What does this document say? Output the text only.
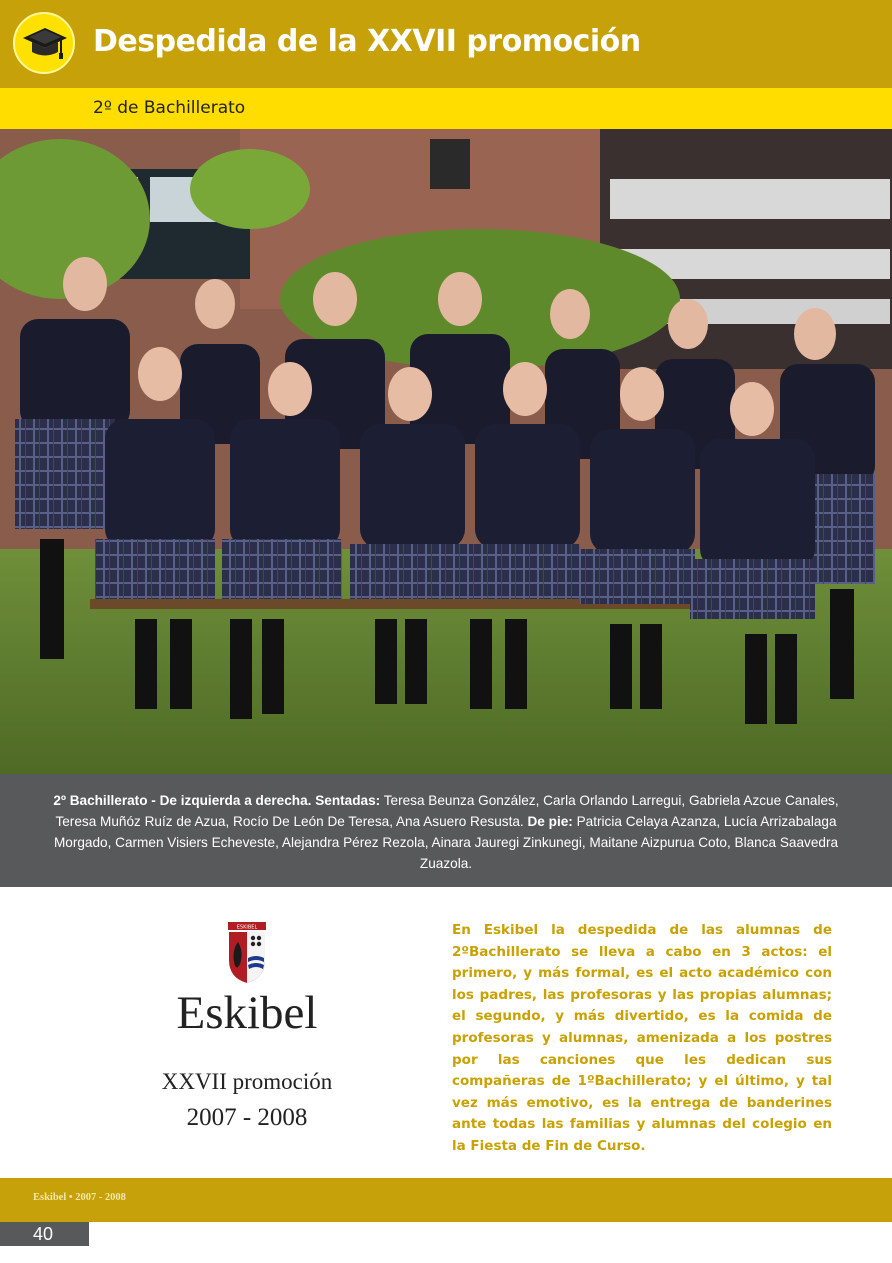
Despedida de la XXVII promoción
2º de Bachillerato
2º Bachillerato - De izquierda a derecha. Sentadas: Teresa Beunza González, Carla Orlando Larregui, Gabriela Azcue Canales, Teresa Muñóz Ruíz de Azua, Rocío De León De Teresa, Ana Asuero Resusta. De pie: Patricia Celaya Azanza, Lucía Arrizabalaga Morgado, Carmen Visiers Echeveste, Alejandra Pérez Rezola, Ainara Jauregi Zinkunegi, Maitane Aizpurua Coto, Blanca Saavedra Zuazola.
ESKIBEL
Eskibel
XXVII promoción
2007 - 2008
En Eskibel la despedida de las alumnas de 2ºBachillerato se lleva a cabo en 3 actos: el primero, y más formal, es el acto académico con los padres, las profesoras y las propias alumnas; el segundo, y más divertido, es la comida de profesoras y alumnas, amenizada a los postres por las canciones que les dedican sus compañeras de 1ºBachillerato; y el último, y tal vez más emotivo, es la entrega de banderines ante todas las familias y alumnas del colegio en la Fiesta de Fin de Curso.
Eskibel • 2007 - 2008
40
